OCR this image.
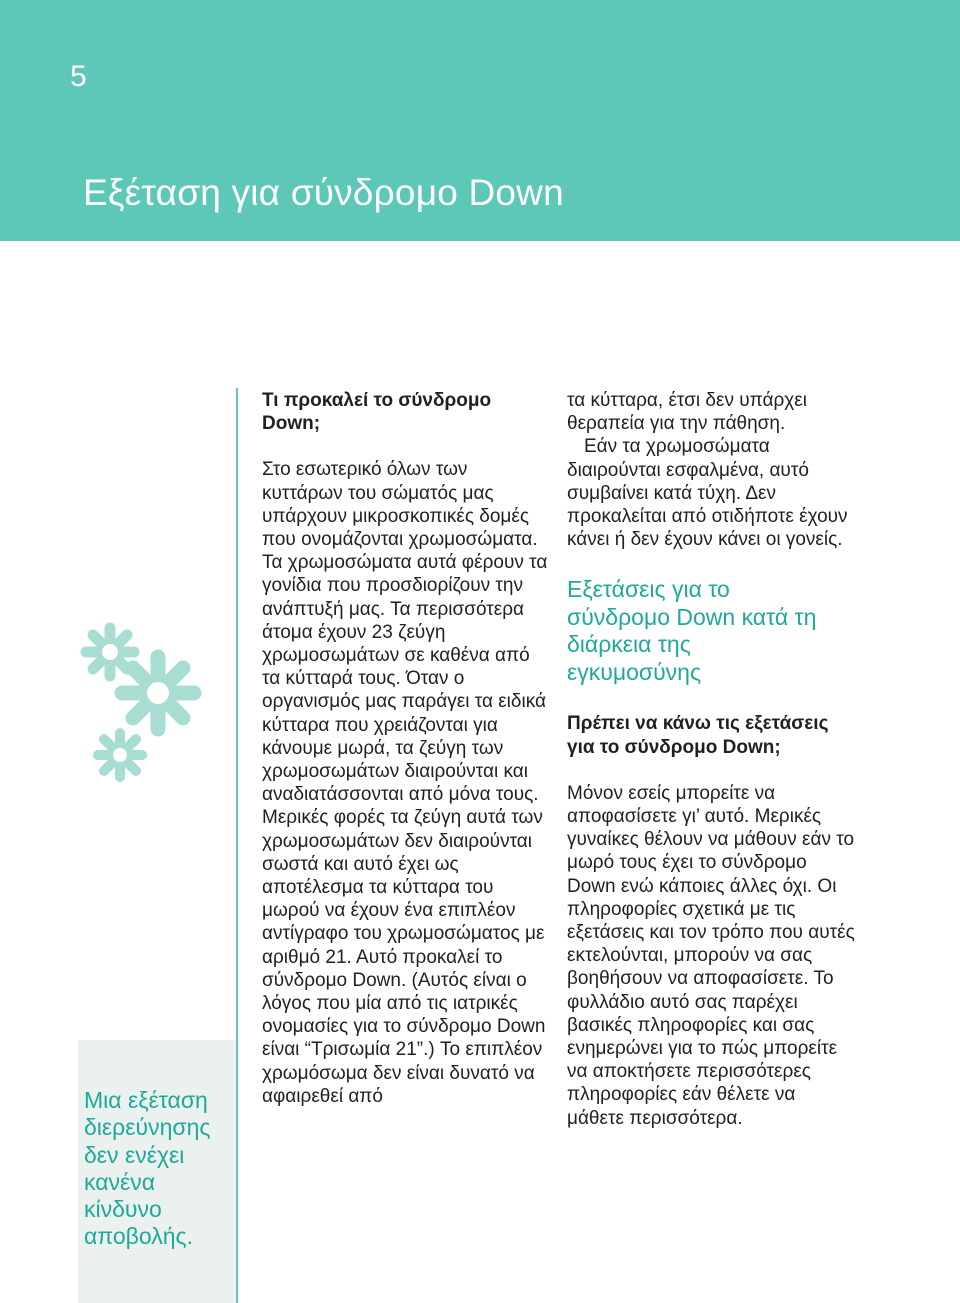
5
Εξέταση για σύνδρομο Down

Μια εξέταση διερεύνησης δεν ενέχει κανένα κίνδυνο αποβολής.

Τι προκαλεί το σύνδρομο Down;

Στο εσωτερικό όλων των κυττάρων του σώματός μας υπάρχουν μικροσκοπικές δομές που ονομάζονται χρωμοσώματα. Τα χρωμοσώματα αυτά φέρουν τα γονίδια που προσδιορίζουν την ανάπτυξή μας. Τα περισσότερα άτομα έχουν 23 ζεύγη χρωμοσωμάτων σε καθένα από τα κύτταρά τους. Όταν ο οργανισμός μας παράγει τα ειδικά κύτταρα που χρειάζονται για κάνουμε μωρά, τα ζεύγη των χρωμοσωμάτων διαιρούνται και αναδιατάσσονται από μόνα τους. Μερικές φορές τα ζεύγη αυτά των χρωμοσωμάτων δεν διαιρούνται σωστά και αυτό έχει ως αποτέλεσμα τα κύτταρα του μωρού να έχουν ένα επιπλέον αντίγραφο του χρωμοσώματος με αριθμό 21. Αυτό προκαλεί το σύνδρομο Down. (Αυτός είναι ο λόγος που μία από τις ιατρικές ονομασίες για το σύνδρομο Down είναι “Τρισωμία 21”.) Το επιπλέον χρωμόσωμα δεν είναι δυνατό να αφαιρεθεί από

τα κύτταρα, έτσι δεν υπάρχει θεραπεία για την πάθηση.

Εάν τα χρωμοσώματα διαιρούνται εσφαλμένα, αυτό συμβαίνει κατά τύχη. Δεν προκαλείται από οτιδήποτε έχουν κάνει ή δεν έχουν κάνει οι γονείς.

Εξετάσεις για το σύνδρομο Down κατά τη διάρκεια της εγκυμοσύνης

Πρέπει να κάνω τις εξετάσεις για το σύνδρομο Down;

Μόνον εσείς μπορείτε να αποφασίσετε γι’ αυτό. Μερικές γυναίκες θέλουν να μάθουν εάν το μωρό τους έχει το σύνδρομο Down ενώ κάποιες άλλες όχι. Οι πληροφορίες σχετικά με τις εξετάσεις και τον τρόπο που αυτές εκτελούνται, μπορούν να σας βοηθήσουν να αποφασίσετε. Το φυλλάδιο αυτό σας παρέχει βασικές πληροφορίες και σας ενημερώνει για το πώς μπορείτε να αποκτήσετε περισσότερες πληροφορίες εάν θέλετε να μάθετε περισσότερα.
